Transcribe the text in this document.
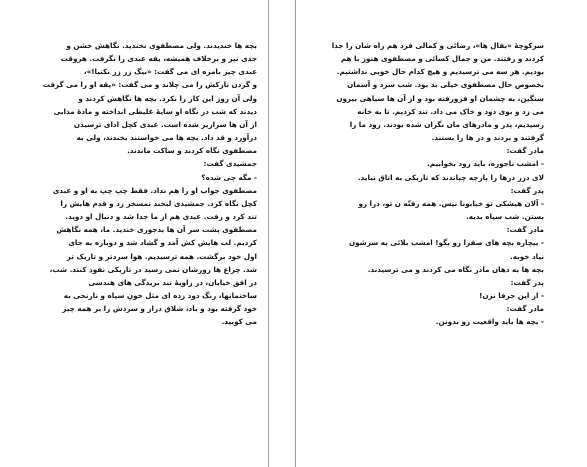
بچه ها خندیدند. ولی مصطفوی نخندید. نگاهش خشن و
جدی نیز و برخلاف همیشه، یقه عبدی را نگرفت. هروقت
عبدی چیز بامزه ای می گفت: «بیگ زر زر نکنیا!»،
و گردن نازکش را می چلاند و می گفت: «یقه او را می گرفت
ولی آن روز این کار را نکرد. بچه ها نگاهش کردند و
دیدند که شب در نگاه او سایهٔ غلیظی انداخته و مادهٔ مذابی
از آن ها سرازیر شده است. عبدی کچل ادای ترسیدن
درآورد و قد داد. بچه ها می خواستند بخندند، ولی به
مصطفوی نگاه کردند و ساکت ماندند.
جمشیدی گفت:
- مگه چی شده؟
مصطفوی جواب او را هم نداد. فقط چپ چپ به او و عبدی
کچل نگاه کرد. جمشیدی لبخند تمسخر زد و قدم هایش را
تند کرد و رفت. عبدی هم از ما جدا شد و دنبال او دوید.
مصطفوی پشت سر آن ها بدجوری خندید. ما، همه نگاهش
کردیم. لب هایش کش آمد و گشاد شد و دوباره به جای
اول خود برگشت. همه ترسیدیم. هوا سردتر و تاریک تر
شد. چراغ ها زورشان نمی رسید در تاریکی نفوذ کنند. شب،
در افق خیابان، در زاویهٔ تند بریدگی های هندسی
ساختمانها، رنگ دود زده ای مثل خونِ سیاه و نارنجی به
خود گرفته بود و باد، شلاق دراز و سردش را بر همه چیز
می کوبید.
سرکوچهٔ «بقال ها»، رضائی و کمالی فرد هم راه شان را جدا
کردند و رفتند. من و جمال کسائی و مصطفوی هنوز با هم
بودیم. هر سه می ترسیدیم و هیچ کدام حال خوبی نداشتیم.
بخصوص حال مصطفوی خیلی بد بود. شب سرد و آسمان
سنگین، به چشمان او فرورفته بود و از آن ها سیاهی بیرون
می زد و بوی دود و خاک می داد. تند کردیم. تا به خانه
رسیدیم، پدر و مادرهای مان نگران شده بودند. زود ما را
گرفتند و بردند و در ها را بستند.
مادر گفت:
- امشب ناجوره، باید زود بخوابیم.
لای درز درها را پارچه چپاندند که تاریکی به اتاق نیاید.
پدر گفت:
- آلان هیشکی تو خیابونا نیس. همه رفتّه ن تو، درا رو
بستن. شب سیاه بدیه.
مادر گفت:
- بیچاره بچه های صفرا رو بگو! امشب بلائی به سرشون
نیاد خوبه.
بچه ها به دهان مادر نگاه می کردند و می ترسیدند.
پدر گفت:
- از این حرفا نزن!
مادر گفت:
- بچه ها باید واقعیت رو بدونن.
